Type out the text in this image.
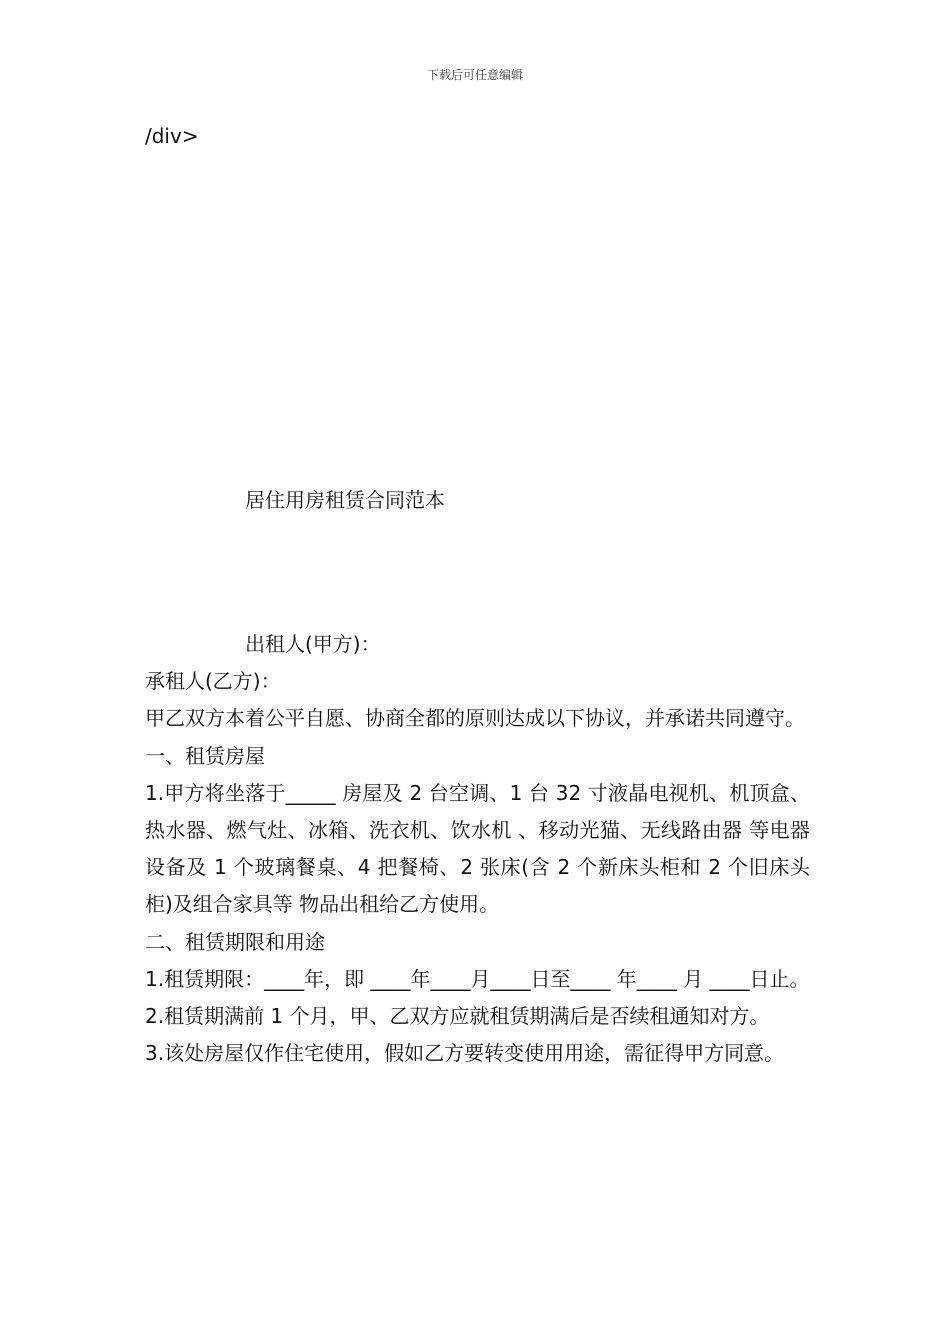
下载后可任意编辑
/div>
居住用房租赁合同范本

出租人(甲方)：

承租人(乙方)：

甲乙双方本着公平自愿、协商全都的原则达成以下协议，并承诺共同遵守。

一、租赁房屋

1.甲方将坐落于_____ 房屋及 2 台空调、1 台 32 寸液晶电视机、机顶盒、热水器、燃气灶、冰箱、洗衣机、饮水机 、移动光猫、无线路由器 等电器设备及 1 个玻璃餐桌、4 把餐椅、2 张床(含 2 个新床头柜和 2 个旧床头柜)及组合家具等 物品出租给乙方使用。

二、租赁期限和用途

1.租赁期限：____年，即 ____年____月____日至____ 年____ 月 ____日止。

2.租赁期满前 1 个月，甲、乙双方应就租赁期满后是否续租通知对方。

3.该处房屋仅作住宅使用，假如乙方要转变使用用途，需征得甲方同意。
